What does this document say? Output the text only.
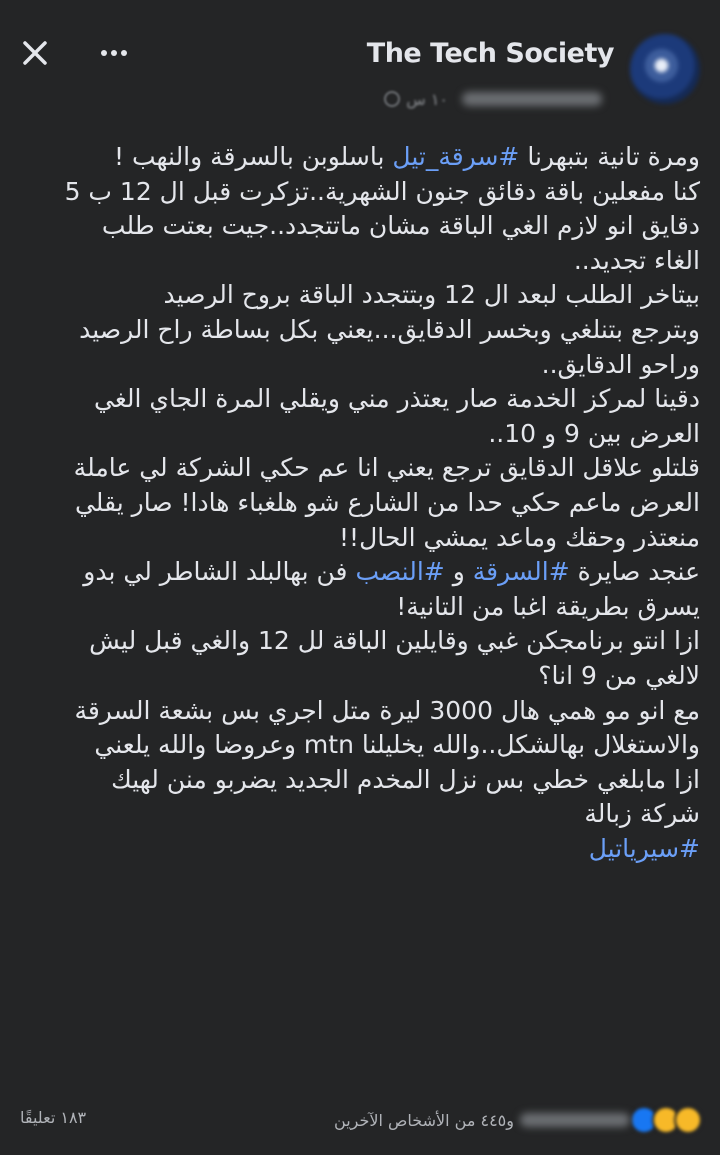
The Tech Society
١٠ س

ومرة تانية بتبهرنا #سرقة_تيل باسلوبن بالسرقة والنهب !

كنا مفعلين باقة دقائق جنون الشهرية..تزكرت قبل ال 12 ب 5

دقايق انو لازم الغي الباقة مشان ماتتجدد..جيت بعتت طلب

الغاء تجديد..

بيتاخر الطلب لبعد ال 12 وبتتجدد الباقة بروح الرصيد

وبترجع بتنلغي وبخسر الدقايق...يعني بكل بساطة راح الرصيد

وراحو الدقايق..

دقينا لمركز الخدمة صار يعتذر مني ويقلي المرة الجاي الغي

العرض بين 9 و 10..

قلتلو علاقل الدقايق ترجع يعني انا عم حكي الشركة لي عاملة

العرض ماعم حكي حدا من الشارع شو هلغباء هادا! صار يقلي

منعتذر وحقك وماعد يمشي الحال!!

عنجد صايرة #السرقة و #النصب فن بهالبلد الشاطر لي بدو

يسرق بطريقة اغبا من التانية!

ازا انتو برنامجكن غبي وقايلين الباقة لل 12 والغي قبل ليش

لالغي من 9 انا؟

مع انو مو همي هال 3000 ليرة متل اجري بس بشعة السرقة

والاستغلال بهالشكل..والله يخليلنا mtn وعروضا والله يلعني

ازا مابلغي خطي بس نزل المخدم الجديد يضربو منن لهيك

شركة زبالة

#سيرياتيل

١٨٣ تعليقًا	و٤٤٥ من الأشخاص الآخرين
